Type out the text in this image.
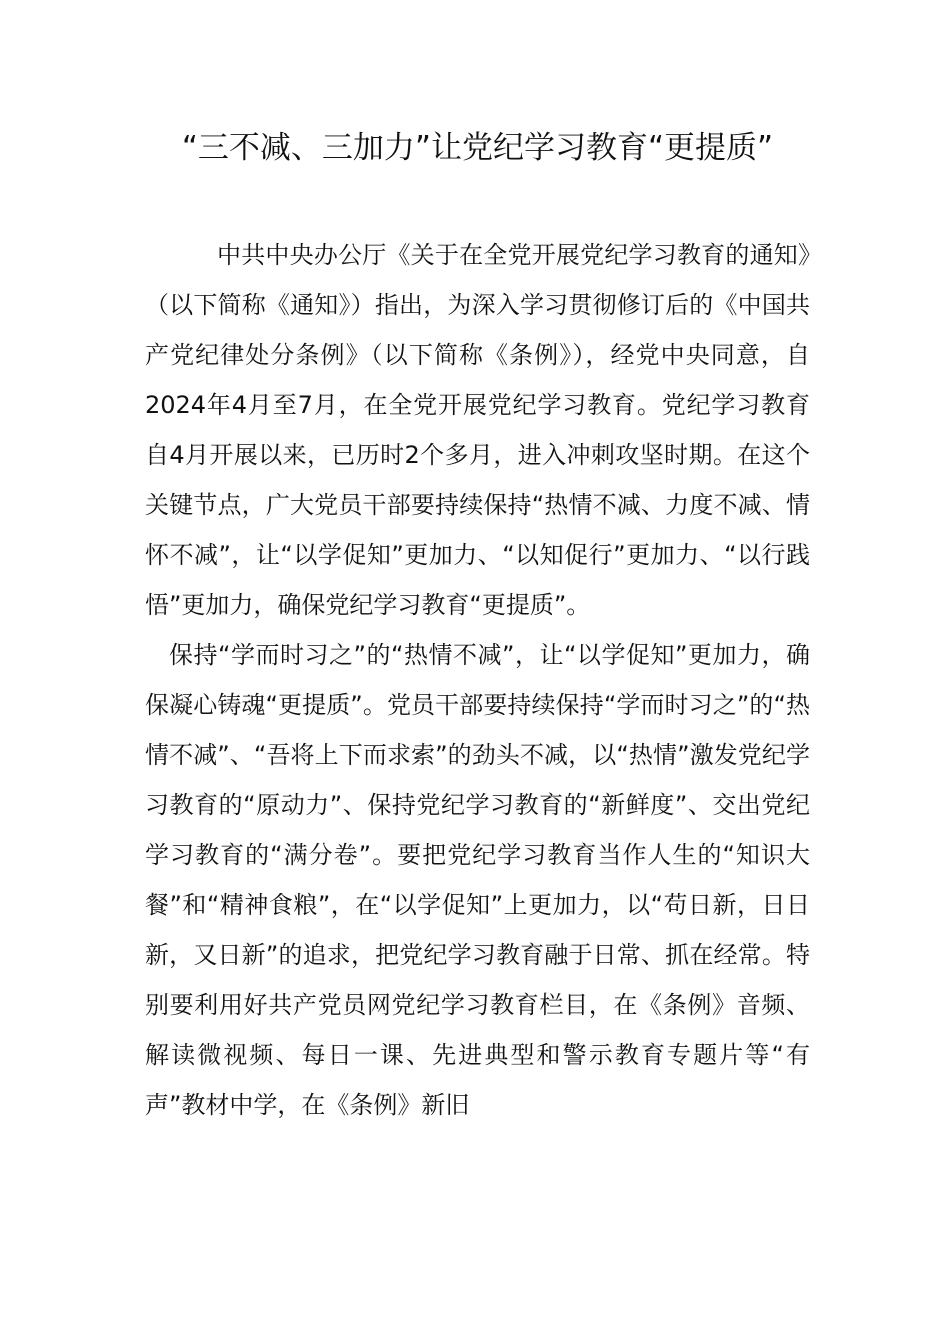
“三不减、三加力”让党纪学习教育“更提质”

中共中央办公厅《关于在全党开展党纪学习教育的通知》（以下简称《通知》）指出，为深入学习贯彻修订后的《中国共产党纪律处分条例》（以下简称《条例》），经党中央同意，自2024年4月至7月，在全党开展党纪学习教育。党纪学习教育自4月开展以来，已历时2个多月，进入冲刺攻坚时期。在这个关键节点，广大党员干部要持续保持“热情不减、力度不减、情怀不减”，让“以学促知”更加力、“以知促行”更加力、“以行践悟”更加力，确保党纪学习教育“更提质”。

保持“学而时习之”的“热情不减”，让“以学促知”更加力，确保凝心铸魂“更提质”。党员干部要持续保持“学而时习之”的“热情不减”、“吾将上下而求索”的劲头不减，以“热情”激发党纪学习教育的“原动力”、保持党纪学习教育的“新鲜度”、交出党纪学习教育的“满分卷”。要把党纪学习教育当作人生的“知识大餐”和“精神食粮”，在“以学促知”上更加力，以“苟日新，日日新，又日新”的追求，把党纪学习教育融于日常、抓在经常。特别要利用好共产党员网党纪学习教育栏目，在《条例》音频、解读微视频、每日一课、先进典型和警示教育专题片等“有声”教材中学，在《条例》新旧
